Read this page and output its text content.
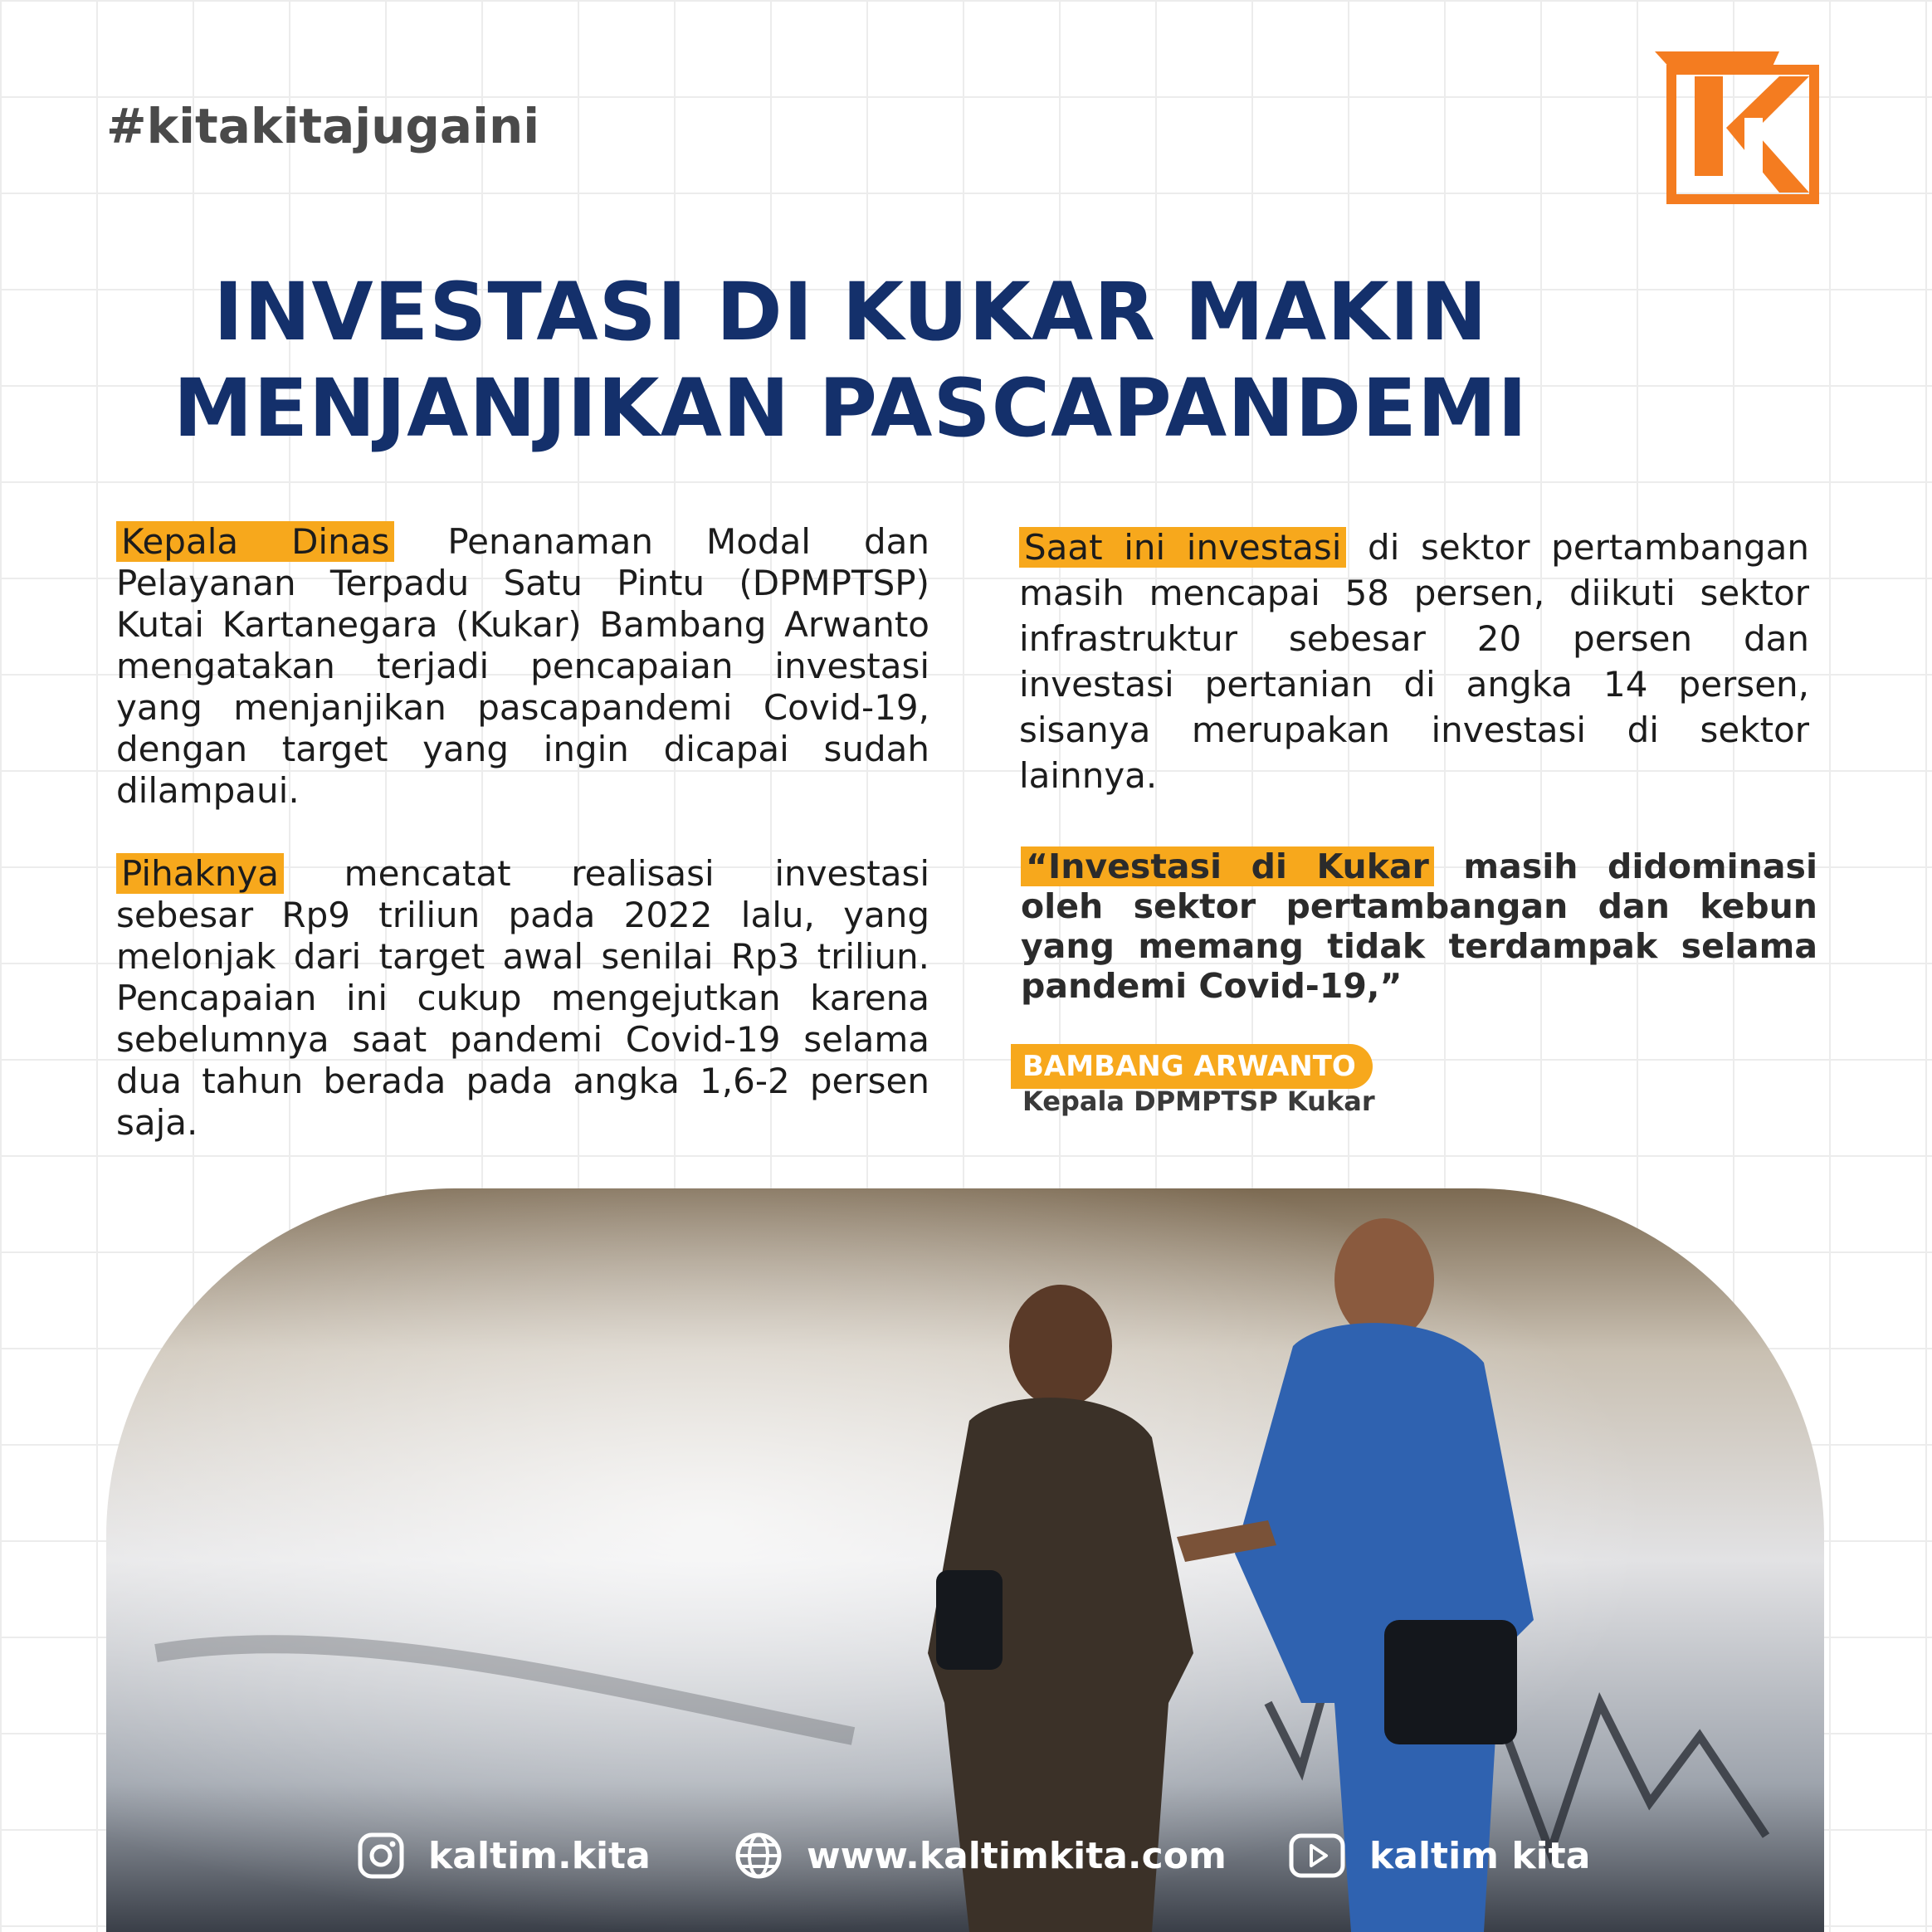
#kitakitajugaini
INVESTASI DI KUKAR MAKIN
MENJANJIKAN PASCAPANDEMI

Kepala Dinas Penanaman Modal dan Pelayanan Terpadu Satu Pintu (DPMPTSP) Kutai Kartanegara (Kukar) Bambang Arwanto mengatakan terjadi pencapaian investasi yang menjanjikan pascapandemi Covid-19, dengan target yang ingin dicapai sudah dilampaui.

Pihaknya mencatat realisasi investasi sebesar Rp9 triliun pada 2022 lalu, yang melonjak dari target awal senilai Rp3 triliun. Pencapaian ini cukup mengejutkan karena sebelumnya saat pandemi Covid-19 selama dua tahun berada pada angka 1,6-2 persen saja.

Saat ini investasi di sektor pertambangan masih mencapai 58 persen, diikuti sektor infrastruktur sebesar 20 persen dan investasi pertanian di angka 14 persen, sisanya merupakan investasi di sektor lainnya.

“Investasi di Kukar masih didominasi oleh sektor pertambangan dan kebun yang memang tidak terdampak selama pandemi Covid-19,”
BAMBANG ARWANTO
Kepala DPMPTSP Kukar
kaltim.kita	www.kaltimkita.com	kaltim kita
